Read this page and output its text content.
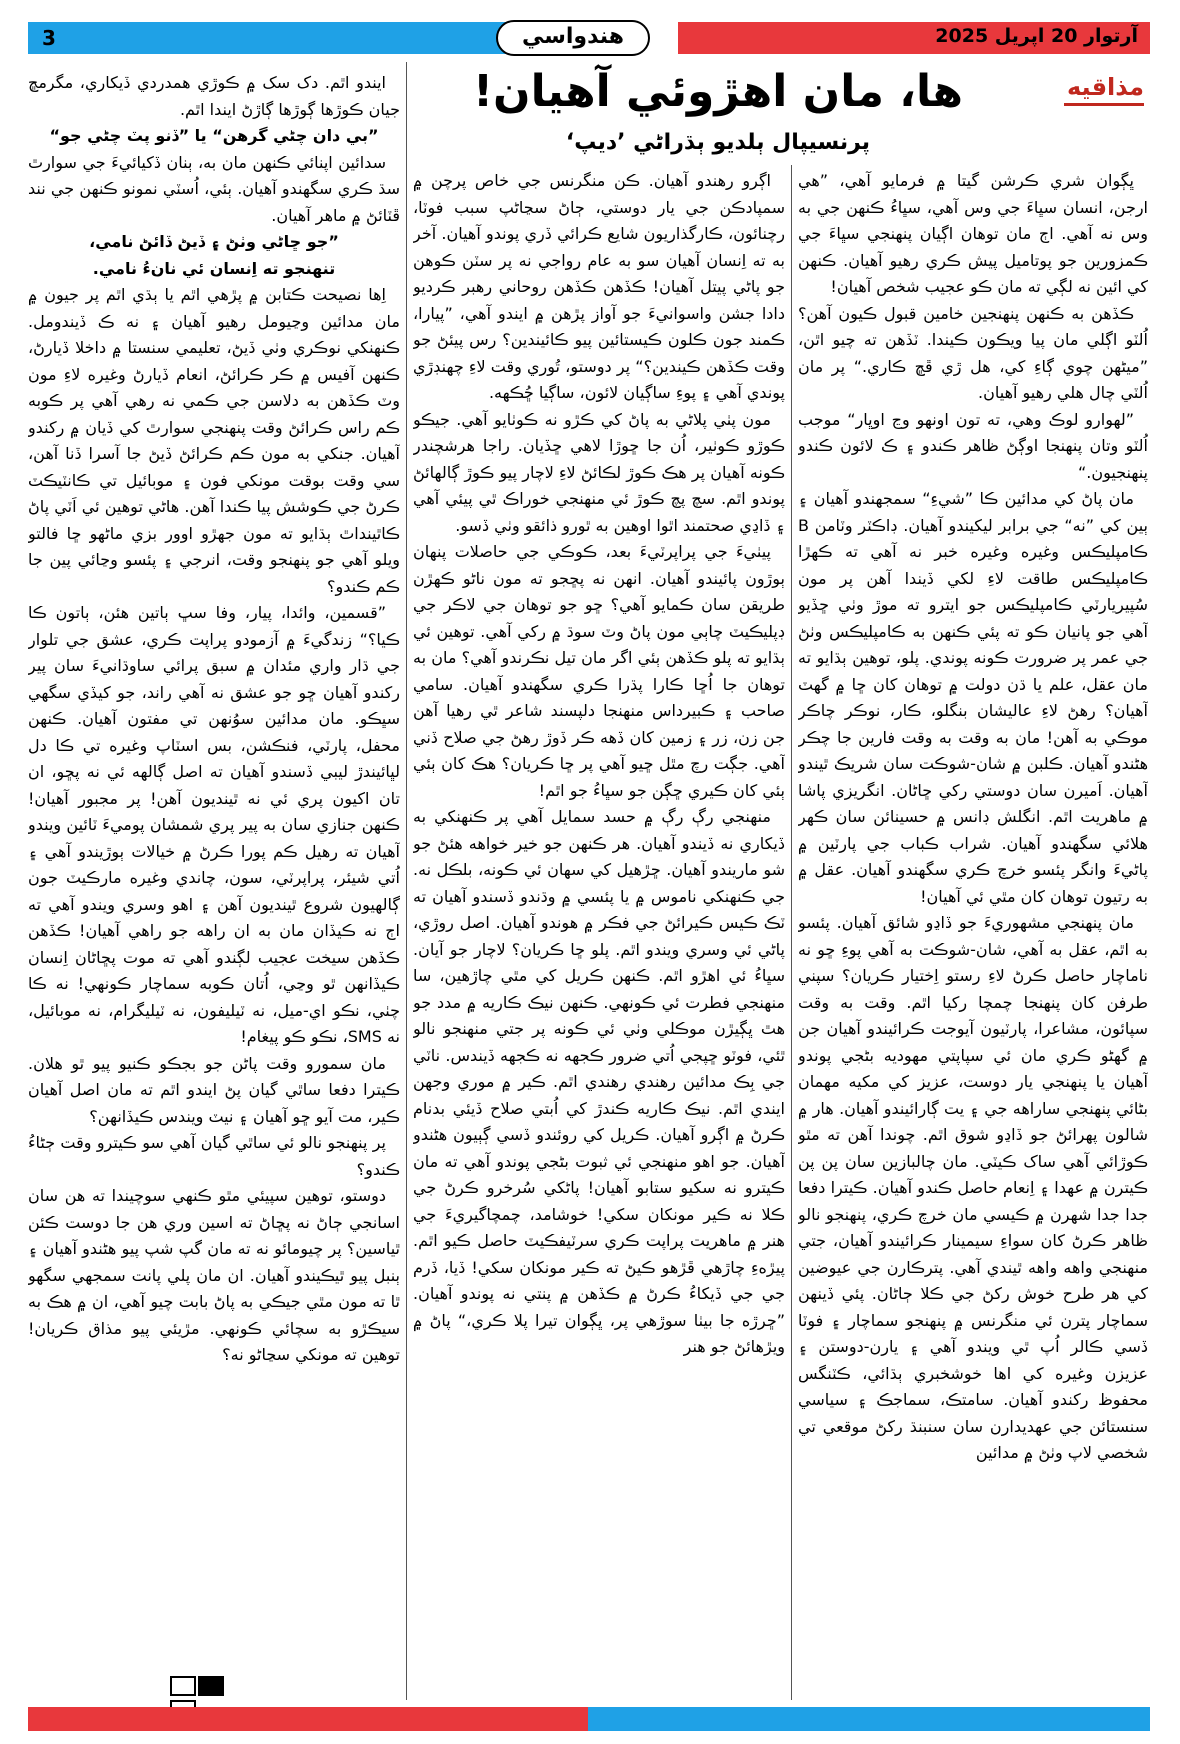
3	آرتوار 20 اپريل 2025
هندواسي
مذاقيه
ها، مان اهڙوئي آهيان!
پرنسيپال ٻلديو ٻڌراڻي ’ديپ‘

ڀڳوان شري ڪرشن گيتا ۾ فرمايو آهي، ”هي ارجن، انسان سڀاءَ جي وس آهي، سڀاءُ ڪنهن جي به وس نه آهي. اڄ مان توهان اڳيان پنهنجي سڀاءَ جي ڪمزورين جو پوتاميل پيش ڪري رهيو آهيان. ڪنهن کي ائين نه لڳي ته مان ڪو عجيب شخص آهيان!

ڪڏهن به ڪنهن پنهنجين خامين قبول ڪيون آهن؟ اُلٽو اڳلي مان پيا ويڪون ڪيندا. ٽڏهن ته چيو اٿن، ”ميڻهن چوي ڳاءِ کي، هل ڙي ڦڇ ڪاري.“ پر مان اُلٽي چال هلي رهيو آهيان.

”لهوارو لوڪ وهي، ته تون اونهو وڃ اوڀار“ موجب اُلٽو وتان پنهنجا اوڳڻ ظاهر ڪندو ۽ ڪ لائون ڪندو پنهنجيون.“

مان پاڻ کي مدائين ڪا ”شيءِ“ سمجهندو آهيان ۽ ٻين کي ”نه“ جي برابر ليکيندو آهيان. ڊاڪٽر وٽامن B ڪامپليڪس وغيره وغيره خبر نه آهي ته ڪهڙا ڪامپليڪس طاقت لاءِ لکي ڏيندا آهن پر مون سُپيريارٽي ڪامپليڪس جو ايترو ته موڙ وٺي ڇڏيو آهي جو پانيان ڪو ته پئي ڪنهن به ڪامپليڪس وٺڻ جي عمر پر ضرورت ڪونه پوندي. پلو، توهين ٻڌايو ته مان عقل، علم يا ڌن دولت ۾ توهان کان ڇا ۾ گهٽ آهيان؟ رهڻ لاءِ عاليشان بنگلو، ڪار، نوڪر چاڪر موڪي به آهن! مان به وقت به وقت فارين جا چڪر هڻندو آهيان. ڪلبن ۾ شان-شوڪت سان شريڪ ٿيندو آهيان. اَميرن سان دوستي رکي ڇاڻان. انگريزي پاشا ۾ ماهريت اٿم. انگلش ڊانس ۾ حسينائن سان ڪهر هلائي سگهندو آهيان. شراب ڪباب جي پارٽين ۾ پاڻيءَ وانگر پئسو خرچ ڪري سگهندو آهيان. عقل ۾ به رتيون توهان کان مٿي ئي آهيان!

مان پنهنجي مشهوريءَ جو ڏاڍو شائق آهيان. پئسو به اٿم، عقل به آهي، شان-شوڪت به آهي پوءِ ڇو نه ناماچار حاصل ڪرڻ لاءِ رستو اِختيار ڪريان؟ سپني طرفن کان پنهنجا چمچا رکيا اٿم. وقت به وقت سپائون، مشاعرا، پارٽيون آيوجت ڪرائيندو آهيان جن ۾ گهڻو ڪري مان ئي سپاپتي مهوديه بڻجي پوندو آهيان يا پنهنجي يار دوست، عزيز کي مکيه مهمان بڻائي پنهنجي ساراهه جي ۽ يت ڳارائيندو آهيان. هار ۾ شالون پهرائڻ جو ڏاڍو شوق اٿم. چوندا آهن ته مٿو ڪوڙائي آهي ساک ڪيٽي. مان چالبازين سان پن پن ڪيترن ۾ عهدا ۽ اِنعام حاصل ڪندو آهيان. ڪيترا دفعا جدا جدا شهرن ۾ ڪيسي مان خرچ ڪري، پنهنجو نالو ظاهر ڪرڻ کان سواءِ سيمينار ڪرائيندو آهيان، جتي منهنجي واهه واهه ٿيندي آهي. پترڪارن جي عيوضين کي هر طرح خوش رکڻ جي ڪلا ڄاڻان. پئي ڏينهن سماچار پترن ئي منگرنس ۾ پنهنجو سماچار ۽ فوٽا ڏسي ڪالر اُپ ٿي ويندو آهي ۽ يارن-دوستن ۽ عزيزن وغيره کي اها خوشخبري ٻڌائي، ڪٽنگس محفوظ رکندو آهيان. سامتڪ، سماجڪ ۽ سياسي سنستائن جي عهديدارن سان سنبنڌ رکڻ موقعي تي شخصي لاپ وٺڻ ۾ مدائين

اڳرو رهندو آهيان. ڪن منگرنس جي خاص پرچن ۾ سمپادڪن جي يار دوستي، ڄاڻ سڃاڻپ سبب فوٽا، رچنائون، ڪارگذاريون شايع ڪرائي ڏري پوندو آهيان. آخر به ته اِنسان آهيان سو به عام رواجي نه پر سٽن ڪوهن جو پاڻي پيتل آهيان! ڪڏهن ڪڏهن روحاني رهبر ڪرديو دادا جشن واسوانيءَ جو آواز پڙهن ۾ ايندو آهي، ”پيارا، ڪمند جون ڪلون ڪيستائين پيو ڪائيندين؟ رس پيئڻ جو وقت ڪڏهن ڪيندين؟“ پر دوستو، تُوري وقت لاءِ چهنڊڙي پوندي آهي ۽ پوءِ ساڳيان لائون، ساڳيا ڇُڪهه.

مون پٺي پلاڻي به پاڻ کي ڪڙو نه ڪوٺايو آهي. جيڪو ڪوڙو ڪوٺير، اُن جا ڇوڙا لاهي ڇڏيان. راجا هرشچندر ڪونه آهيان پر هڪ ڪوڙ لڪائڻ لاءِ لاچار پيو ڪوڙ ڳالهائڻ پوندو اٿم. سچ پچ ڪوڙ ئي منهنجي خوراڪ ٿي پيئي آهي ۽ ڏاڍي صحتمند اٿوا اوهين به ٿورو ذائقو وٺي ڏسو.

پيٺيءَ جي پراپرٽيءَ بعد، ڪوڪي جي حاصلات پنهان ٻوڙون پائيندو آهيان. انهن نه پڇجو ته مون ناڻو ڪهڙن طريقن سان ڪمايو آهي؟ ڇو جو توهان جي لاڪر جي ڊپليڪيٽ چاٻي مون پاڻ وٽ سوڌ ۾ رکي آهي. توهين ئي ٻڌايو ته پلو ڪڏهن ٻئي اگر مان تيل نڪرندو آهي؟ مان به توهان جا اُڇا ڪارا پڌرا ڪري سگهندو آهيان. سامي صاحب ۽ ڪبيرداس منهنجا دلپسند شاعر ٿي رهيا آهن جن زن، زر ۽ زمين کان ڏهه ڪر ڏوڙ رهڻ جي صلاح ڏني آهي. جڳت رچ مٿل ڇيو آهي پر ڇا ڪريان؟ هڪ کان ٻئي ٻئي کان ڪيري ڇڳن جو سڀاءُ جو اٿم!

منهنجي رڳ رڳ ۾ حسد سمايل آهي پر ڪنهنکي به ڏيکاري نه ڏيندو آهيان. هر ڪنهن جو خير خواهه هئڻ جو شو ماريندو آهيان. ڇڙهيل کي سهان ئي ڪونه، بلڪل نه. جي ڪنهنکي ناموس ۾ يا پئسي ۾ وڌندو ڏسندو آهيان ته ٽڪ ڪيس ڪيرائڻ جي فڪر ۾ هوندو آهيان. اصل روڙي، پاڻي ئي وسري ويندو اٿم. پلو ڇا ڪريان؟ لاچار جو آيان. سڀاءُ ئي اهڙو اٿم. ڪنهن ڪريل کي مٿي چاڙهين، سا منهنجي فطرت ئي ڪونهي. ڪنهن نيڪ ڪاريه ۾ مدد جو هٿ ڀڳيڙن موڪلي وٺي ئي ڪونه پر جتي منهنجو نالو ٿئي، فوٽو ڇپجي اُتي ضرور ڪجهه نه ڪجهه ڏيندس. ناٽي جي بِڪ مدائين رهندي رهندي اٿم. ڪير ۾ موري وجهن ايندي اٿم. نيڪ ڪاريه ڪندڙ کي اُبتي صلاح ڏيئي بدنام ڪرڻ ۾ اڳرو آهيان. ڪريل کي روئندو ڏسي ڳٻيون هڻندو آهيان. جو اهو منهنجي ئي ثبوت بڻجي پوندو آهي ته مان ڪيترو نه سکيو ستابو آهيان! پاڻکي سُرخرو ڪرڻ جي ڪلا نه ڪير مونکان سکي! خوشامد، چمچاگيريءَ جي هنر ۾ ماهريت پراپت ڪري سرٽيفڪيٽ حاصل ڪيو اٿم. پيڙهءِ چاڙهي ڦڙهو ڪيڻ ته ڪير مونکان سکي! ڏيا، ڏرم جي جي ڏيکاءُ ڪرڻ ۾ ڪڏهن ۾ پنتي نه پوندو آهيان. ”ڇرڙه جا بيٺا سوڙهي پر، ڀڳوان تيرا پلا ڪري،“ پاڻ ۾ ويڙهائڻ جو هنر

ايندو اٿم. دک سک ۾ ڪوڙي همدردي ڏيکاري، مگرمڇ جيان ڪوڙها ڳوڙها ڳاڙڻ ايندا اٿم.

”بي دان چڻي گرهن“ يا ”ڏنو پٽ چڻي جو“

سدائين اپنائي ڪنهن مان به، ٻنان ڏکيائيءَ جي سوارٿ سڌ ڪري سگهندو آهيان. ٻئي، اُسٽي نمونو ڪنهن جي نند ڦٽائڻ ۾ ماهر آهيان.

”جو ڇاڻي وٺڻ ۽ ڏيڻ ڏائڻ نامي،

تنهنجو ته اِنسان ئي نانءُ نامي.

اِها نصيحت ڪتابن ۾ پڙهي اٿم يا ٻڌي اٿم پر جيون ۾ مان مدائين وڃيومل رهيو آهيان ۽ نه ڪ ڏيندومل. ڪنهنکي نوڪري وٺي ڏيڻ، تعليمي سنستا ۾ داخلا ڏيارڻ، ڪنهن آفيس ۾ ڪر ڪرائڻ، انعام ڏيارڻ وغيره لاءِ مون وٽ ڪڏهن به دلاسن جي ڪمي نه رهي آهي پر ڪوبه ڪم راس ڪرائڻ وقت پنهنجي سوارٿ کي ڏيان ۾ رکندو آهيان. جنکي به مون ڪم ڪرائڻ ڏيڻ جا آسرا ڏنا آهن، سي وقت بوقت مونکي فون ۽ موبائيل تي ڪانٽيڪٽ ڪرڻ جي ڪوشش پيا ڪندا آهن. هاڻي توهين ئي اَٽي پاڻ ڪاٿينداٿ ٻڌايو ته مون جهڙو اوور بزي ماڻهو ڇا فالتو ويلو آهي جو پنهنجو وقت، انرجي ۽ پئسو وڃائي پين جا ڪم ڪندو؟

”قسمين، وائدا، پيار، وفا سڀ ٻاتين هئن، ٻاتون ڪا ڪيا؟“ زندگيءَ ۾ آزمودو پراپت ڪري، عشق جي تلوار جي ڌار واري مئدان ۾ سبق پرائي ساوڌانيءَ سان پير رکندو آهيان ڇو جو عشق نه آهي راند، جو کيڏي سگهي سڀڪو. مان مدائين سوُنهن تي مفتون آهيان. ڪنهن محفل، پارٽي، فنڪشن، بس اسٽاپ وغيره تي ڪا دل لڀائيندڙ ليبي ڏسندو آهيان ته اصل ڳالهه ئي نه پڇو، ان تان اکيون پري ئي نه ٿينديون آهن! پر مجبور آهيان! ڪنهن جنازي سان به پير پري شمشان پوميءَ ٽائين ويندو آهيان ته رهيل ڪم پورا ڪرڻ ۾ خيالات ٻوڙيندو آهي ۽ اُتي شيئر، پراپرٽي، سون، چاندي وغيره مارڪيٽ جون ڳالهيون شروع ٿينديون آهن ۽ اهو وسري ويندو آهي ته اڄ نه ڪيڏان مان به ان راهه جو راهي آهيان! ڪڏهن ڪڏهن سيخت عجيب لڳندو آهي ته موت پڇاڻان اِنسان ڪيڏانهن ٿو وڃي، اُتان ڪوبه سماچار ڪونهي! نه ڪا چٺي، نڪو اي-ميل، نه ٽيليفون، نه ٽيليگرام، نه موبائيل، نه SMS، نڪو ڪو پيغام!

مان سمورو وقت پاڻن جو بجڪو ڪنيو پيو ٿو هلان. ڪيترا دفعا ساٿي گيان پڻ ايندو اٿم ته مان اصل آهيان ڪير، مت آيو ڇو آهيان ۽ نيٽ ويندس ڪيڏانهن؟

پر پنهنجو نالو ئي ساٿي گيان آهي سو ڪيترو وقت ڄڻاءُ ڪندو؟

دوستو، توهين سپيئي مٿو ڪنهي سوچيندا ته هن سان اسانجي ڄاڻ نه پڇاڻ ته اسين وري هن جا دوست ڪئن ٿياسين؟ پر چيومائو نه ته مان گپ شپ پيو هڻندو آهيان ۽ ٻنبل پيو ٿيڪيندو آهيان. ان مان پلي پانت سمجهي سگهو ٿا ته مون مٿي جيڪي به پاڻ بابت چيو آهي، ان ۾ هڪ به سيڪڙو به سچائي ڪونهي. مڙيئي پيو مذاق ڪريان! توهين ته مونکي سڃاڻو نه؟
